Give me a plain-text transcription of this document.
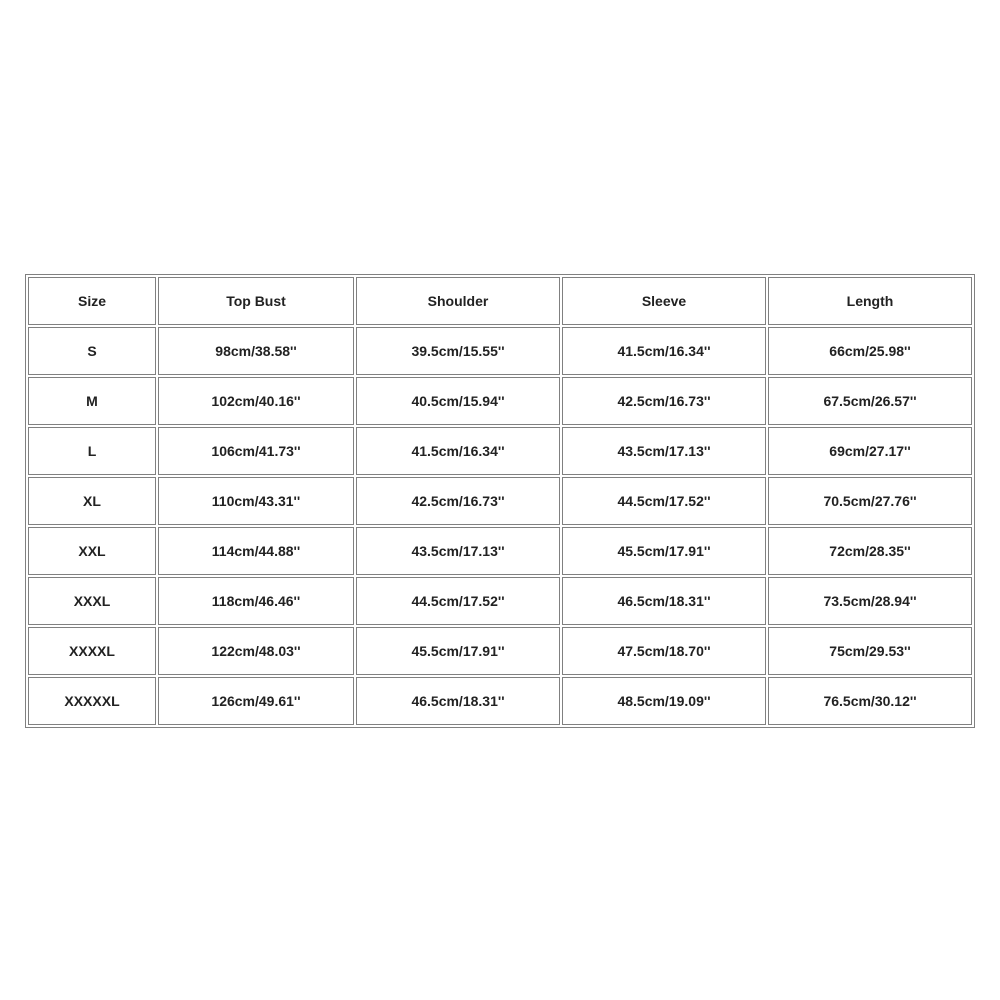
Size	Top Bust	Shoulder	Sleeve	Length
S	98cm/38.58''	39.5cm/15.55''	41.5cm/16.34''	66cm/25.98''
M	102cm/40.16''	40.5cm/15.94''	42.5cm/16.73''	67.5cm/26.57''
L	106cm/41.73''	41.5cm/16.34''	43.5cm/17.13''	69cm/27.17''
XL	110cm/43.31''	42.5cm/16.73''	44.5cm/17.52''	70.5cm/27.76''
XXL	114cm/44.88''	43.5cm/17.13''	45.5cm/17.91''	72cm/28.35''
XXXL	118cm/46.46''	44.5cm/17.52''	46.5cm/18.31''	73.5cm/28.94''
XXXXL	122cm/48.03''	45.5cm/17.91''	47.5cm/18.70''	75cm/29.53''
XXXXXL	126cm/49.61''	46.5cm/18.31''	48.5cm/19.09''	76.5cm/30.12''
